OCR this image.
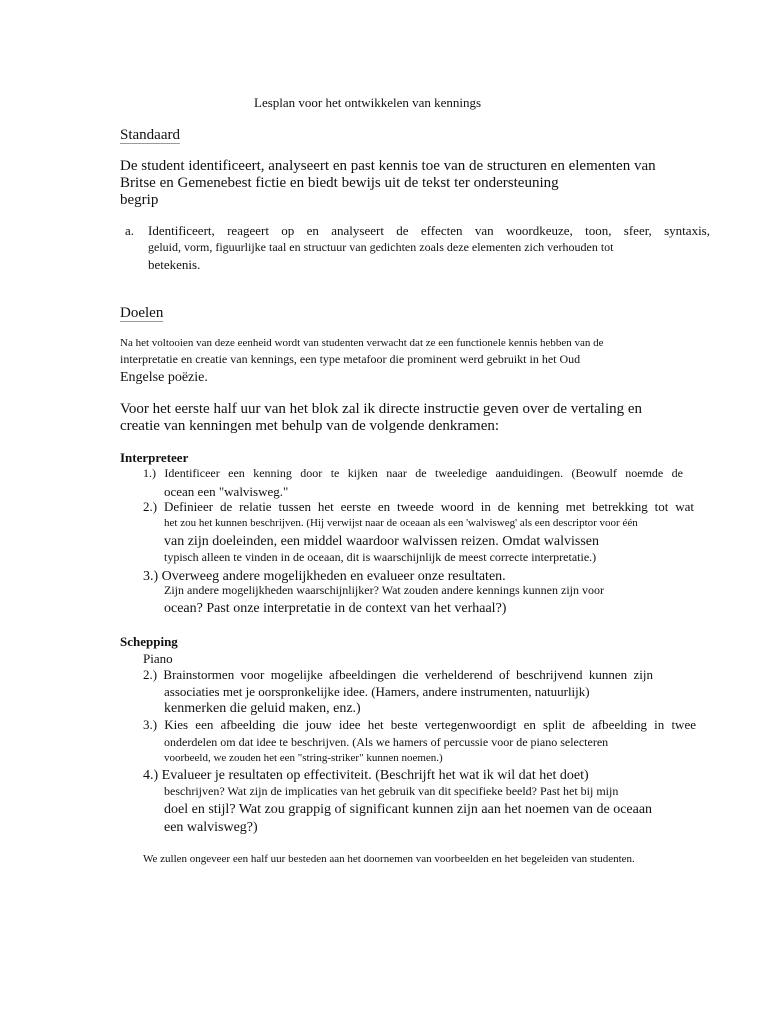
Lesplan voor het ontwikkelen van kennings
Standaard
De student identificeert, analyseert en past kennis toe van de structuren en elementen van
Britse en Gemenebest fictie en biedt bewijs uit de tekst ter ondersteuning
begrip
a. Identificeert, reageert op en analyseert de effecten van woordkeuze, toon, sfeer, syntaxis,
geluid, vorm, figuurlijke taal en structuur van gedichten zoals deze elementen zich verhouden tot
betekenis.
Doelen
Na het voltooien van deze eenheid wordt van studenten verwacht dat ze een functionele kennis hebben van de
interpretatie en creatie van kennings, een type metafoor die prominent werd gebruikt in het Oud
Engelse poëzie.
Voor het eerste half uur van het blok zal ik directe instructie geven over de vertaling en
creatie van kenningen met behulp van de volgende denkramen:
Interpreteer
1.) Identificeer een kenning door te kijken naar de tweeledige aanduidingen. (Beowulf noemde de
ocean een "walvisweg."
2.) Definieer de relatie tussen het eerste en tweede woord in de kenning met betrekking tot wat
het zou het kunnen beschrijven. (Hij verwijst naar de oceaan als een 'walvisweg' als een descriptor voor één
van zijn doeleinden, een middel waardoor walvissen reizen. Omdat walvissen
typisch alleen te vinden in de oceaan, dit is waarschijnlijk de meest correcte interpretatie.)
3.) Overweeg andere mogelijkheden en evalueer onze resultaten.
Zijn andere mogelijkheden waarschijnlijker? Wat zouden andere kennings kunnen zijn voor
ocean? Past onze interpretatie in de context van het verhaal?)
Schepping
Piano
2.) Brainstormen voor mogelijke afbeeldingen die verhelderend of beschrijvend kunnen zijn
associaties met je oorspronkelijke idee. (Hamers, andere instrumenten, natuurlijk)
kenmerken die geluid maken, enz.)
3.) Kies een afbeelding die jouw idee het beste vertegenwoordigt en split de afbeelding in twee
onderdelen om dat idee te beschrijven. (Als we hamers of percussie voor de piano selecteren
voorbeeld, we zouden het een "string-striker" kunnen noemen.)
4.) Evalueer je resultaten op effectiviteit. (Beschrijft het wat ik wil dat het doet)
beschrijven? Wat zijn de implicaties van het gebruik van dit specifieke beeld? Past het bij mijn
doel en stijl? Wat zou grappig of significant kunnen zijn aan het noemen van de oceaan
een walvisweg?)
We zullen ongeveer een half uur besteden aan het doornemen van voorbeelden en het begeleiden van studenten.
